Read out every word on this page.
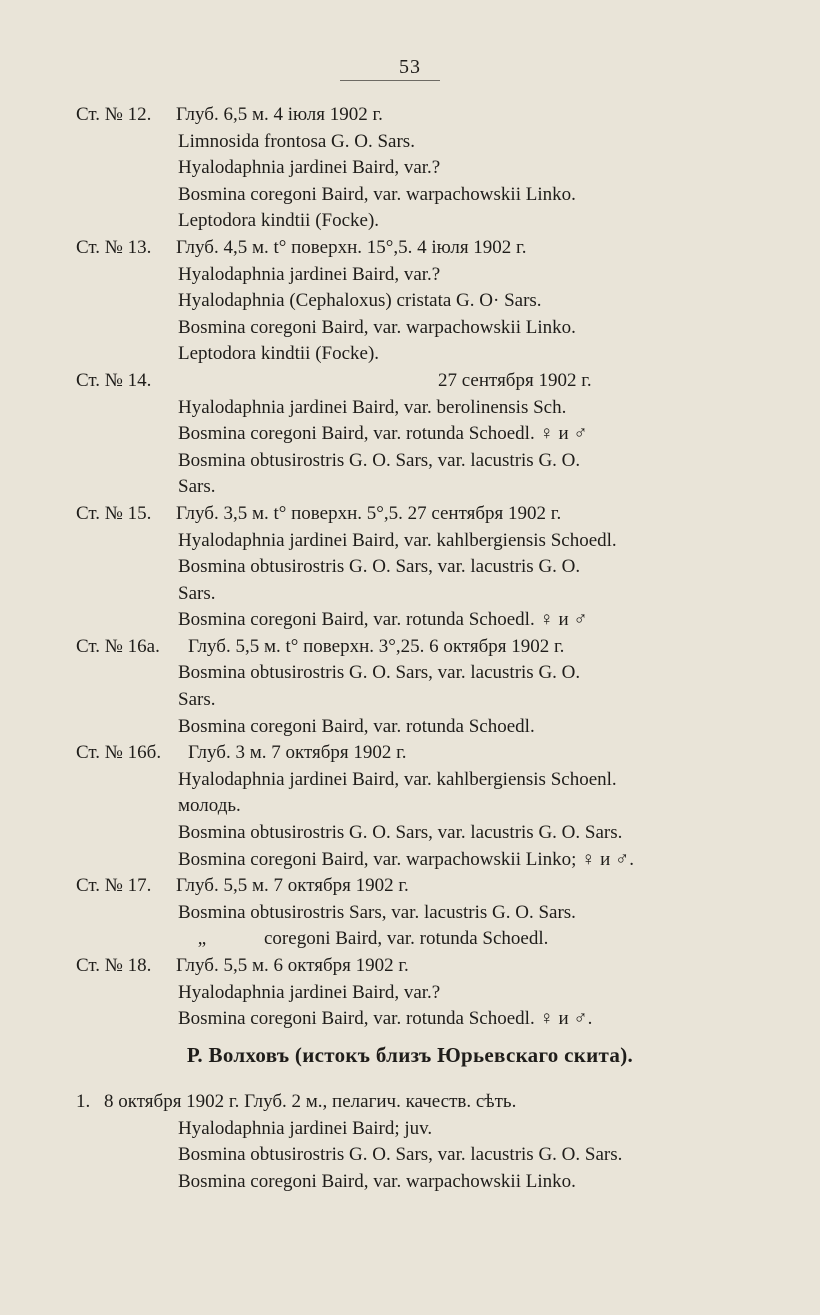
53
Ст. № 12. Глуб. 6,5 м. 4 іюля 1902 г.
Limnosida frontosa G. O. Sars.
Hyalodaphnia jardinei Baird, var.?
Bosmina coregoni Baird, var. warpachowskii Linko.
Leptodora kindtii (Focke).
Ст. № 13. Глуб. 4,5 м. t° поверхн. 15°,5. 4 іюля 1902 г.
Hyalodaphnia jardinei Baird, var.?
Hyalodaphnia (Cephaloxus) cristata G. O· Sars.
Bosmina coregoni Baird, var. warpachowskii Linko.
Leptodora kindtii (Focke).
Ст. № 14.	27 сентября 1902 г.
Hyalodaphnia jardinei Baird, var. berolinensis Sch.
Bosmina coregoni Baird, var. rotunda Schoedl. ♀ и ♂
Bosmina obtusirostris G. O. Sars, var. lacustris G. O.
Sars.
Ст. № 15. Глуб. 3,5 м. t° поверхн. 5°,5. 27 сентября 1902 г.
Hyalodaphnia jardinei Baird, var. kahlbergiensis Schoedl.
Bosmina obtusirostris G. O. Sars, var. lacustris G. O.
Sars.
Bosmina coregoni Baird, var. rotunda Schoedl. ♀ и ♂
Ст. № 16а. Глуб. 5,5 м. t° поверхн. 3°,25. 6 октября 1902 г.
Bosmina obtusirostris G. O. Sars, var. lacustris G. O.
Sars.
Bosmina coregoni Baird, var. rotunda Schoedl.
Ст. № 16б. Глуб. 3 м. 7 октября 1902 г.
Hyalodaphnia jardinei Baird, var. kahlbergiensis Schoenl.
молодь.
Bosmina obtusirostris G. O. Sars, var. lacustris G. O. Sars.
Bosmina coregoni Baird, var. warpachowskii Linko; ♀ и ♂.
Ст. № 17. Глуб. 5,5 м. 7 октября 1902 г.
Bosmina obtusirostris Sars, var. lacustris G. O. Sars.
„	coregoni Baird, var. rotunda Schoedl.
Ст. № 18. Глуб. 5,5 м. 6 октября 1902 г.
Hyalodaphnia jardinei Baird, var.?
Bosmina coregoni Baird, var. rotunda Schoedl. ♀ и ♂.
Р. Волховъ (истокъ близъ Юрьевскаго скита).
1. 8 октября 1902 г. Глуб. 2 м., пелагич. качеств. сѣть.
Hyalodaphnia jardinei Baird; juv.
Bosmina obtusirostris G. O. Sars, var. lacustris G. O. Sars.
Bosmina coregoni Baird, var. warpachowskii Linko.
